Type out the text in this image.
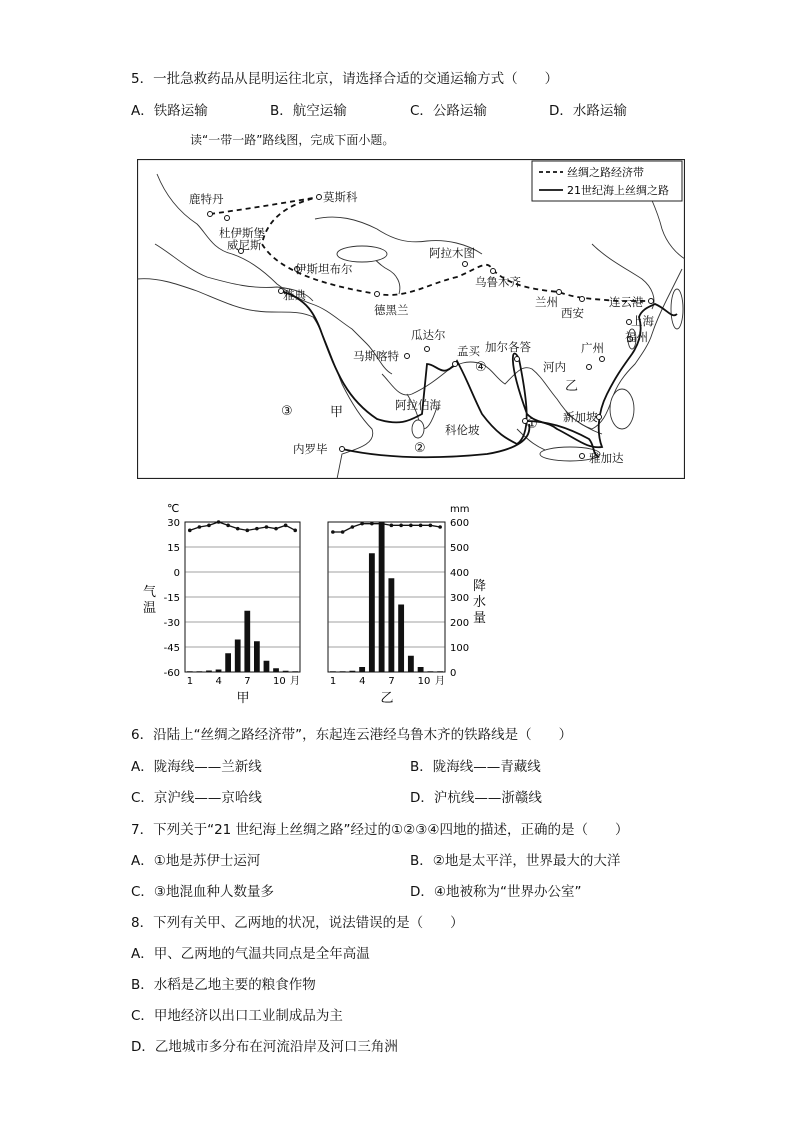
5．一批急救药品从昆明运往北京，请选择合适的交通运输方式（　　）
A．铁路运输	B．航空运输	C．公路运输	D．水路运输
读“一带一路”路线图，完成下面小题。
丝绸之路经济带
21世纪海上丝绸之路
鹿特丹	莫斯科
杜伊斯堡
威尼斯
伊斯坦布尔
雅典
德黑兰
阿拉木图
乌鲁木齐
兰州
西安
连云港
上海
福州
广州
河内
乙
加尔各答
孟买
瓜达尔
马斯喀特
阿拉伯海
科伦坡
新加坡
雅加达
内罗毕
甲
①
②
③
④
1 4 7 10 月
甲
1 4 7 10 月
乙
30
15
0
-15
-30
-45
-60
℃
气
温
600
500
400
300
200
100
0
mm
降
水
量
6．沿陆上“丝绸之路经济带”，东起连云港经乌鲁木齐的铁路线是（　　）
A．陇海线——兰新线	B．陇海线——青藏线
C．京沪线——京哈线	D．沪杭线——浙赣线
7．下列关于“21 世纪海上丝绸之路”经过的①②③④四地的描述，正确的是（　　）
A．①地是苏伊士运河	B．②地是太平洋，世界最大的大洋
C．③地混血种人数量多	D．④地被称为“世界办公室”
8．下列有关甲、乙两地的状况，说法错误的是（　　）
A．甲、乙两地的气温共同点是全年高温
B．水稻是乙地主要的粮食作物
C．甲地经济以出口工业制成品为主
D．乙地城市多分布在河流沿岸及河口三角洲
